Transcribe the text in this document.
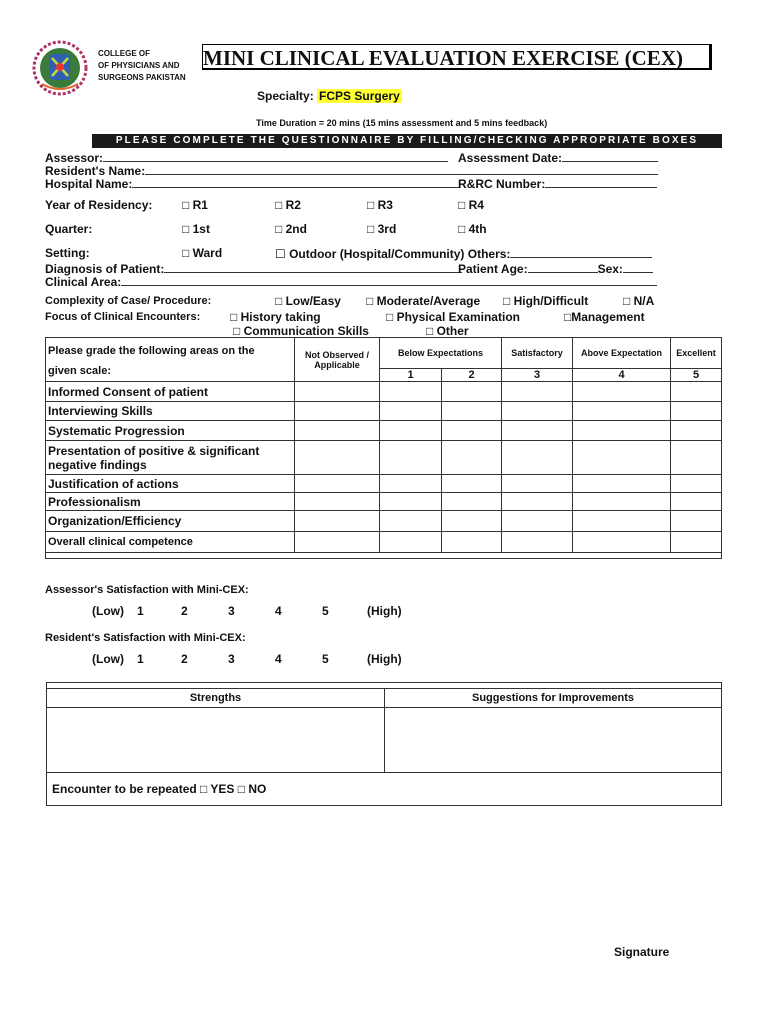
COLLEGE OF
OF PHYSICIANS AND
SURGEONS PAKISTAN
MINI CLINICAL EVALUATION EXERCISE (CEX)
Specialty: FCPS Surgery
Time Duration = 20 mins (15 mins assessment and 5 mins feedback)
PLEASE COMPLETE THE QUESTIONNAIRE BY FILLING/CHECKING APPROPRIATE BOXES
Assessor:	Assessment Date:
Resident's Name:
Hospital Name:	R&RC Number:
Year of Residency: □ R1	□ R2	□ R3	□ R4
Quarter:	□ 1st	□ 2nd	□ 3rd	□ 4th
Setting:	□ Ward	☐ Outdoor (Hospital/Community) Others:
Diagnosis of Patient:	Patient Age:	Sex:
Clinical Area:
Complexity of Case/ Procedure:	□ Low/Easy □ Moderate/Average □ High/Difficult	□ N/A
Focus of Clinical Encounters: □ History taking	□ Physical Examination	□Management
□ Communication Skills	□ Other
Please grade the following areas on the
given scale:	Not Observed / Applicable	Below Expectations		Satisfactory	Above Expectation	Excellent
		1	2	3	4	5
Informed Consent of patient						
Interviewing Skills						
Systematic Progression						
Presentation of positive & significant negative findings						
Justification of actions						
Professionalism						
Organization/Efficiency						
Overall clinical competence						

Assessor's Satisfaction with Mini-CEX:
(Low) 1	2	3	4	5	(High)
Resident's Satisfaction with Mini-CEX:
(Low) 1	2	3	4	5	(High)

Strengths	Suggestions for Improvements

Encounter to be repeated □ YES □ NO	
Signature
